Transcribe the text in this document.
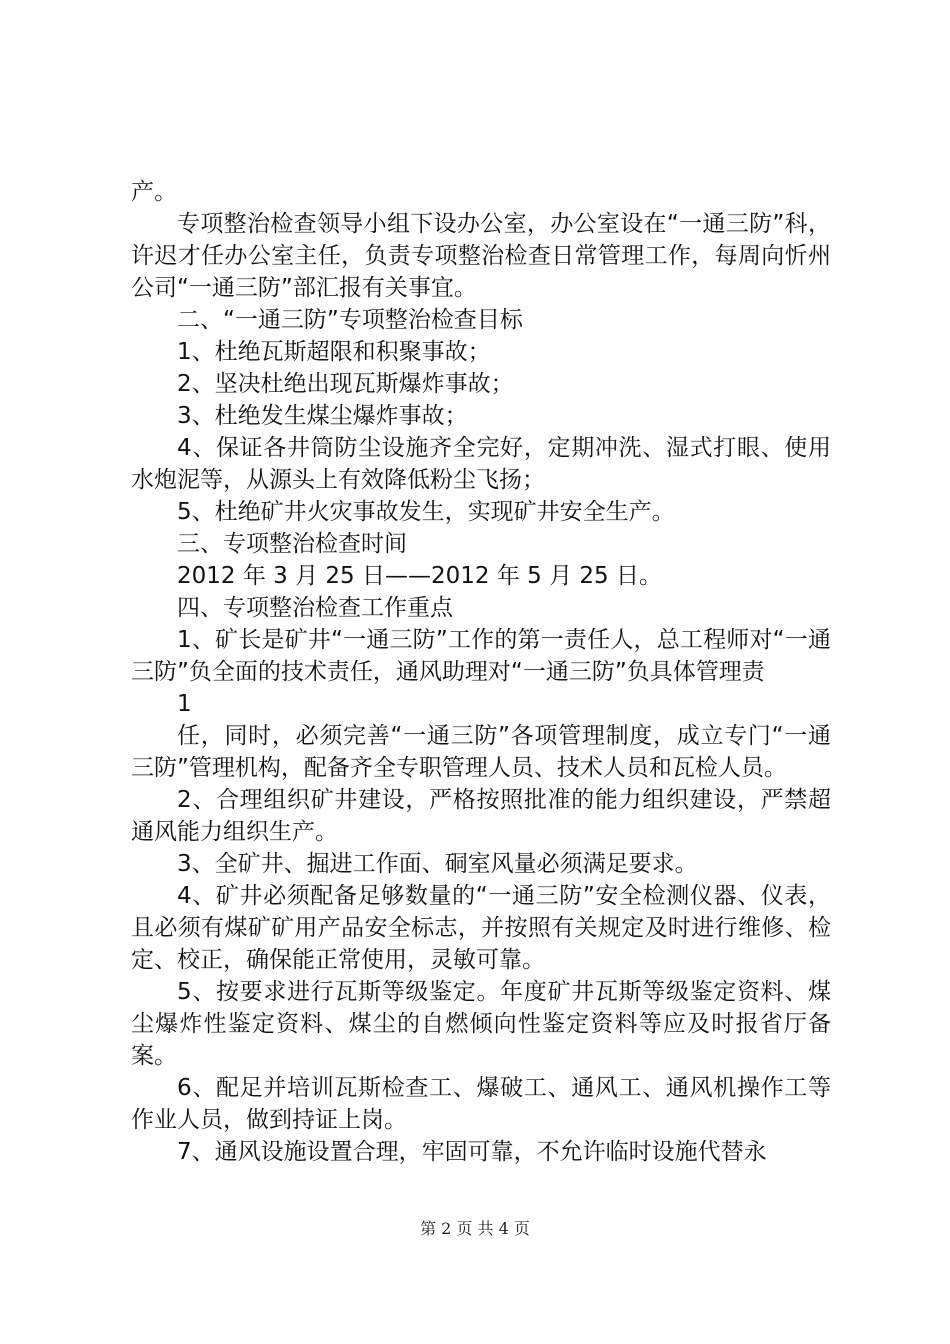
产。

专项整治检查领导小组下设办公室，办公室设在“一通三防”科，许迟才任办公室主任，负责专项整治检查日常管理工作，每周向忻州公司“一通三防”部汇报有关事宜。

二、“一通三防”专项整治检查目标

1、杜绝瓦斯超限和积聚事故；

2、坚决杜绝出现瓦斯爆炸事故；

3、杜绝发生煤尘爆炸事故；

4、保证各井筒防尘设施齐全完好，定期冲洗、湿式打眼、使用水炮泥等，从源头上有效降低粉尘飞扬；

5、杜绝矿井火灾事故发生，实现矿井安全生产。

三、专项整治检查时间

2012 年 3 月 25 日——2012 年 5 月 25 日。

四、专项整治检查工作重点

1、矿长是矿井“一通三防”工作的第一责任人，总工程师对“一通三防”负全面的技术责任，通风助理对“一通三防”负具体管理责

1

任，同时，必须完善“一通三防”各项管理制度，成立专门“一通三防”管理机构，配备齐全专职管理人员、技术人员和瓦检人员。

2、合理组织矿井建设，严格按照批准的能力组织建设，严禁超通风能力组织生产。

3、全矿井、掘进工作面、硐室风量必须满足要求。

4、矿井必须配备足够数量的“一通三防”安全检测仪器、仪表，且必须有煤矿矿用产品安全标志，并按照有关规定及时进行维修、检定、校正，确保能正常使用，灵敏可靠。

5、按要求进行瓦斯等级鉴定。年度矿井瓦斯等级鉴定资料、煤尘爆炸性鉴定资料、煤尘的自燃倾向性鉴定资料等应及时报省厅备案。

6、配足并培训瓦斯检查工、爆破工、通风工、通风机操作工等作业人员，做到持证上岗。

7、通风设施设置合理，牢固可靠，不允许临时设施代替永

第 2 页 共 4 页
